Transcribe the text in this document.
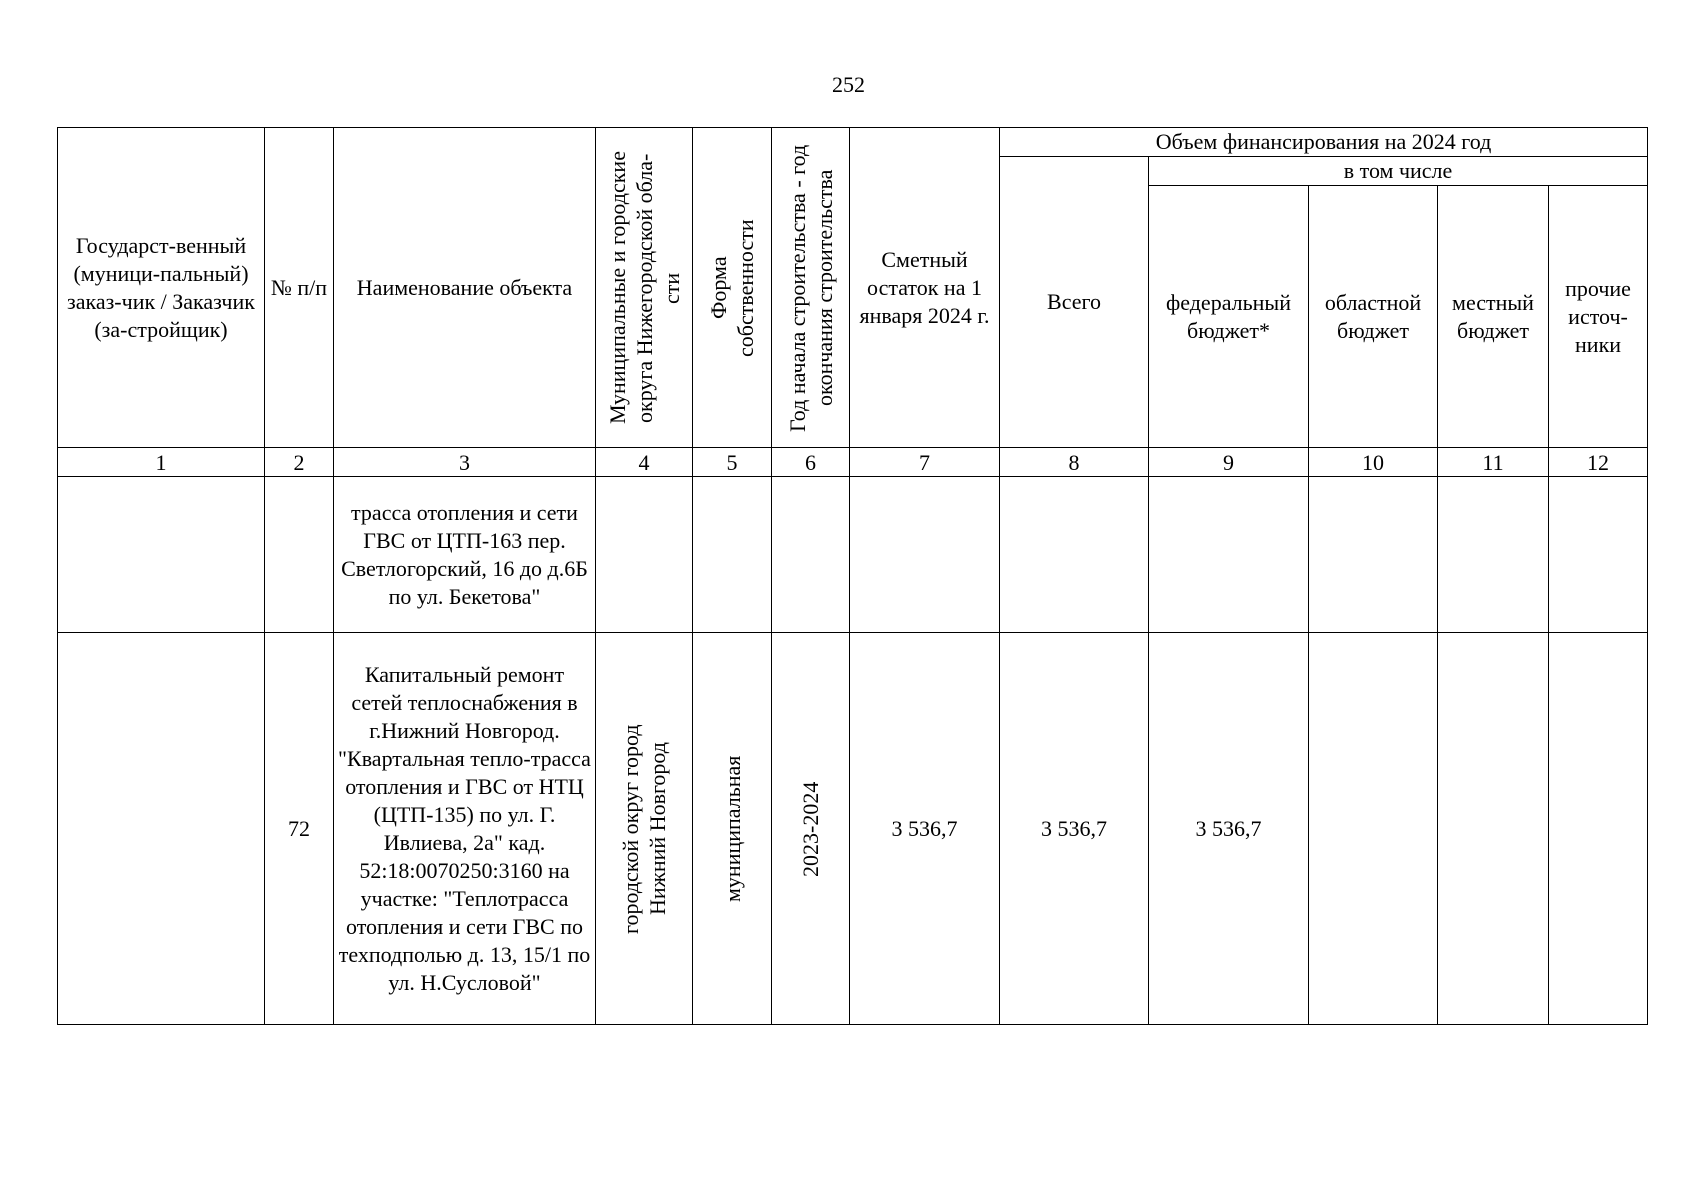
252
Государст-венный (муници-пальный) заказ-чик / Заказчик (за-стройщик)	№ п/п	Наименование объекта	Муниципальные и городские округа Нижегородской обла-сти	Форма собственности	Год начала строительства - год окончания строительства	Сметный остаток на 1 января 2024 г.	Объем финансирования на 2024 год				
							Всего	в том числе			
								федеральный бюджет*	областной бюджет	местный бюджет	прочие источ-ники
1	2	3	4	5	6	7	8	9	10	11	12
		трасса отопления и сети ГВС от ЦТП-163 пер. Светлогорский, 16 до д.6Б по ул. Бекетова"									
	72	Капитальный ремонт сетей теплоснабжения в г.Нижний Новгород. "Квартальная тепло-трасса отопления и ГВС от НТЦ (ЦТП-135) по ул. Г. Ивлиева, 2а" кад. 52:18:0070250:3160 на участке: "Теплотрасса отопления и сети ГВС по техподполью д. 13, 15/1 по ул. Н.Сусловой"	городской округ город Нижний Новгород	муниципальная	2023-2024	3 536,7	3 536,7	3 536,7			
